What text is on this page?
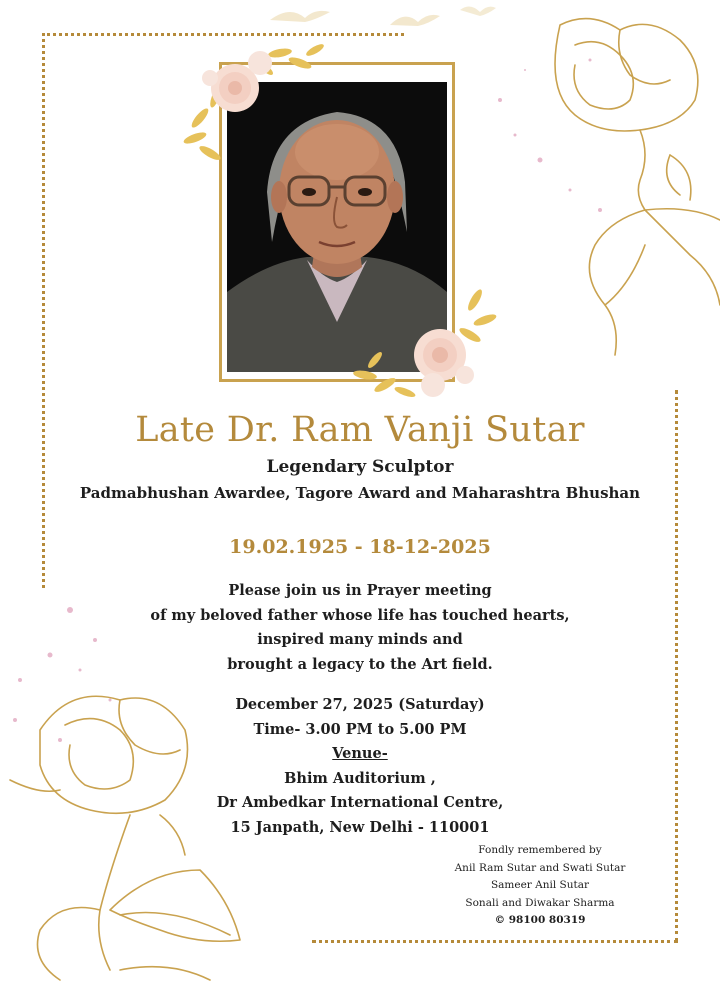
Late Dr. Ram Vanji Sutar
Legendary Sculptor
Padmabhushan Awardee, Tagore Award and Maharashtra Bhushan
19.02.1925 - 18-12-2025
Please join us in Prayer meeting
of my beloved father whose life has touched hearts,
inspired many minds and
brought a legacy to the Art field.
December 27, 2025 (Saturday)
Time- 3.00 PM to 5.00 PM
Venue-
Bhim Auditorium ,
Dr Ambedkar International Centre,
15 Janpath, New Delhi - 110001
Fondly remembered by
Anil Ram Sutar and Swati Sutar
Sameer Anil Sutar
Sonali and Diwakar Sharma
© 98100 80319
